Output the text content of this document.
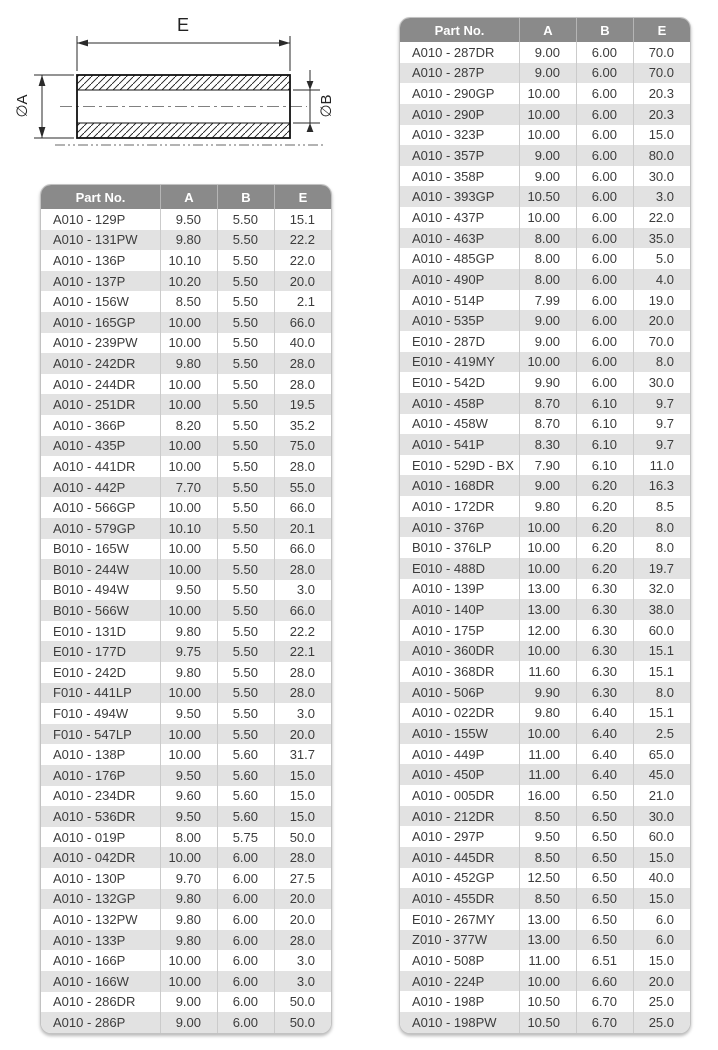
E
∅A	∅B
Part No.	A	B	E
A010 - 129P	9.50	5.50	15.1
A010 - 131PW	9.80	5.50	22.2
A010 - 136P	10.10	5.50	22.0
A010 - 137P	10.20	5.50	20.0
A010 - 156W	8.50	5.50	2.1
A010 - 165GP	10.00	5.50	66.0
A010 - 239PW	10.00	5.50	40.0
A010 - 242DR	9.80	5.50	28.0
A010 - 244DR	10.00	5.50	28.0
A010 - 251DR	10.00	5.50	19.5
A010 - 366P	8.20	5.50	35.2
A010 - 435P	10.00	5.50	75.0
A010 - 441DR	10.00	5.50	28.0
A010 - 442P	7.70	5.50	55.0
A010 - 566GP	10.00	5.50	66.0
A010 - 579GP	10.10	5.50	20.1
B010 - 165W	10.00	5.50	66.0
B010 - 244W	10.00	5.50	28.0
B010 - 494W	9.50	5.50	3.0
B010 - 566W	10.00	5.50	66.0
E010 - 131D	9.80	5.50	22.2
E010 - 177D	9.75	5.50	22.1
E010 - 242D	9.80	5.50	28.0
F010 - 441LP	10.00	5.50	28.0
F010 - 494W	9.50	5.50	3.0
F010 - 547LP	10.00	5.50	20.0
A010 - 138P	10.00	5.60	31.7
A010 - 176P	9.50	5.60	15.0
A010 - 234DR	9.60	5.60	15.0
A010 - 536DR	9.50	5.60	15.0
A010 - 019P	8.00	5.75	50.0
A010 - 042DR	10.00	6.00	28.0
A010 - 130P	9.70	6.00	27.5
A010 - 132GP	9.80	6.00	20.0
A010 - 132PW	9.80	6.00	20.0
A010 - 133P	9.80	6.00	28.0
A010 - 166P	10.00	6.00	3.0
A010 - 166W	10.00	6.00	3.0
A010 - 286DR	9.00	6.00	50.0
A010 - 286P	9.00	6.00	50.0
Part No.	A	B	E
A010 - 287DR	9.00	6.00	70.0
A010 - 287P	9.00	6.00	70.0
A010 - 290GP	10.00	6.00	20.3
A010 - 290P	10.00	6.00	20.3
A010 - 323P	10.00	6.00	15.0
A010 - 357P	9.00	6.00	80.0
A010 - 358P	9.00	6.00	30.0
A010 - 393GP	10.50	6.00	3.0
A010 - 437P	10.00	6.00	22.0
A010 - 463P	8.00	6.00	35.0
A010 - 485GP	8.00	6.00	5.0
A010 - 490P	8.00	6.00	4.0
A010 - 514P	7.99	6.00	19.0
A010 - 535P	9.00	6.00	20.0
E010 - 287D	9.00	6.00	70.0
E010 - 419MY	10.00	6.00	8.0
E010 - 542D	9.90	6.00	30.0
A010 - 458P	8.70	6.10	9.7
A010 - 458W	8.70	6.10	9.7
A010 - 541P	8.30	6.10	9.7
E010 - 529D - BX	7.90	6.10	11.0
A010 - 168DR	9.00	6.20	16.3
A010 - 172DR	9.80	6.20	8.5
A010 - 376P	10.00	6.20	8.0
B010 - 376LP	10.00	6.20	8.0
E010 - 488D	10.00	6.20	19.7
A010 - 139P	13.00	6.30	32.0
A010 - 140P	13.00	6.30	38.0
A010 - 175P	12.00	6.30	60.0
A010 - 360DR	10.00	6.30	15.1
A010 - 368DR	11.60	6.30	15.1
A010 - 506P	9.90	6.30	8.0
A010 - 022DR	9.80	6.40	15.1
A010 - 155W	10.00	6.40	2.5
A010 - 449P	11.00	6.40	65.0
A010 - 450P	11.00	6.40	45.0
A010 - 005DR	16.00	6.50	21.0
A010 - 212DR	8.50	6.50	30.0
A010 - 297P	9.50	6.50	60.0
A010 - 445DR	8.50	6.50	15.0
A010 - 452GP	12.50	6.50	40.0
A010 - 455DR	8.50	6.50	15.0
E010 - 267MY	13.00	6.50	6.0
Z010 - 377W	13.00	6.50	6.0
A010 - 508P	11.00	6.51	15.0
A010 - 224P	10.00	6.60	20.0
A010 - 198P	10.50	6.70	25.0
A010 - 198PW	10.50	6.70	25.0
